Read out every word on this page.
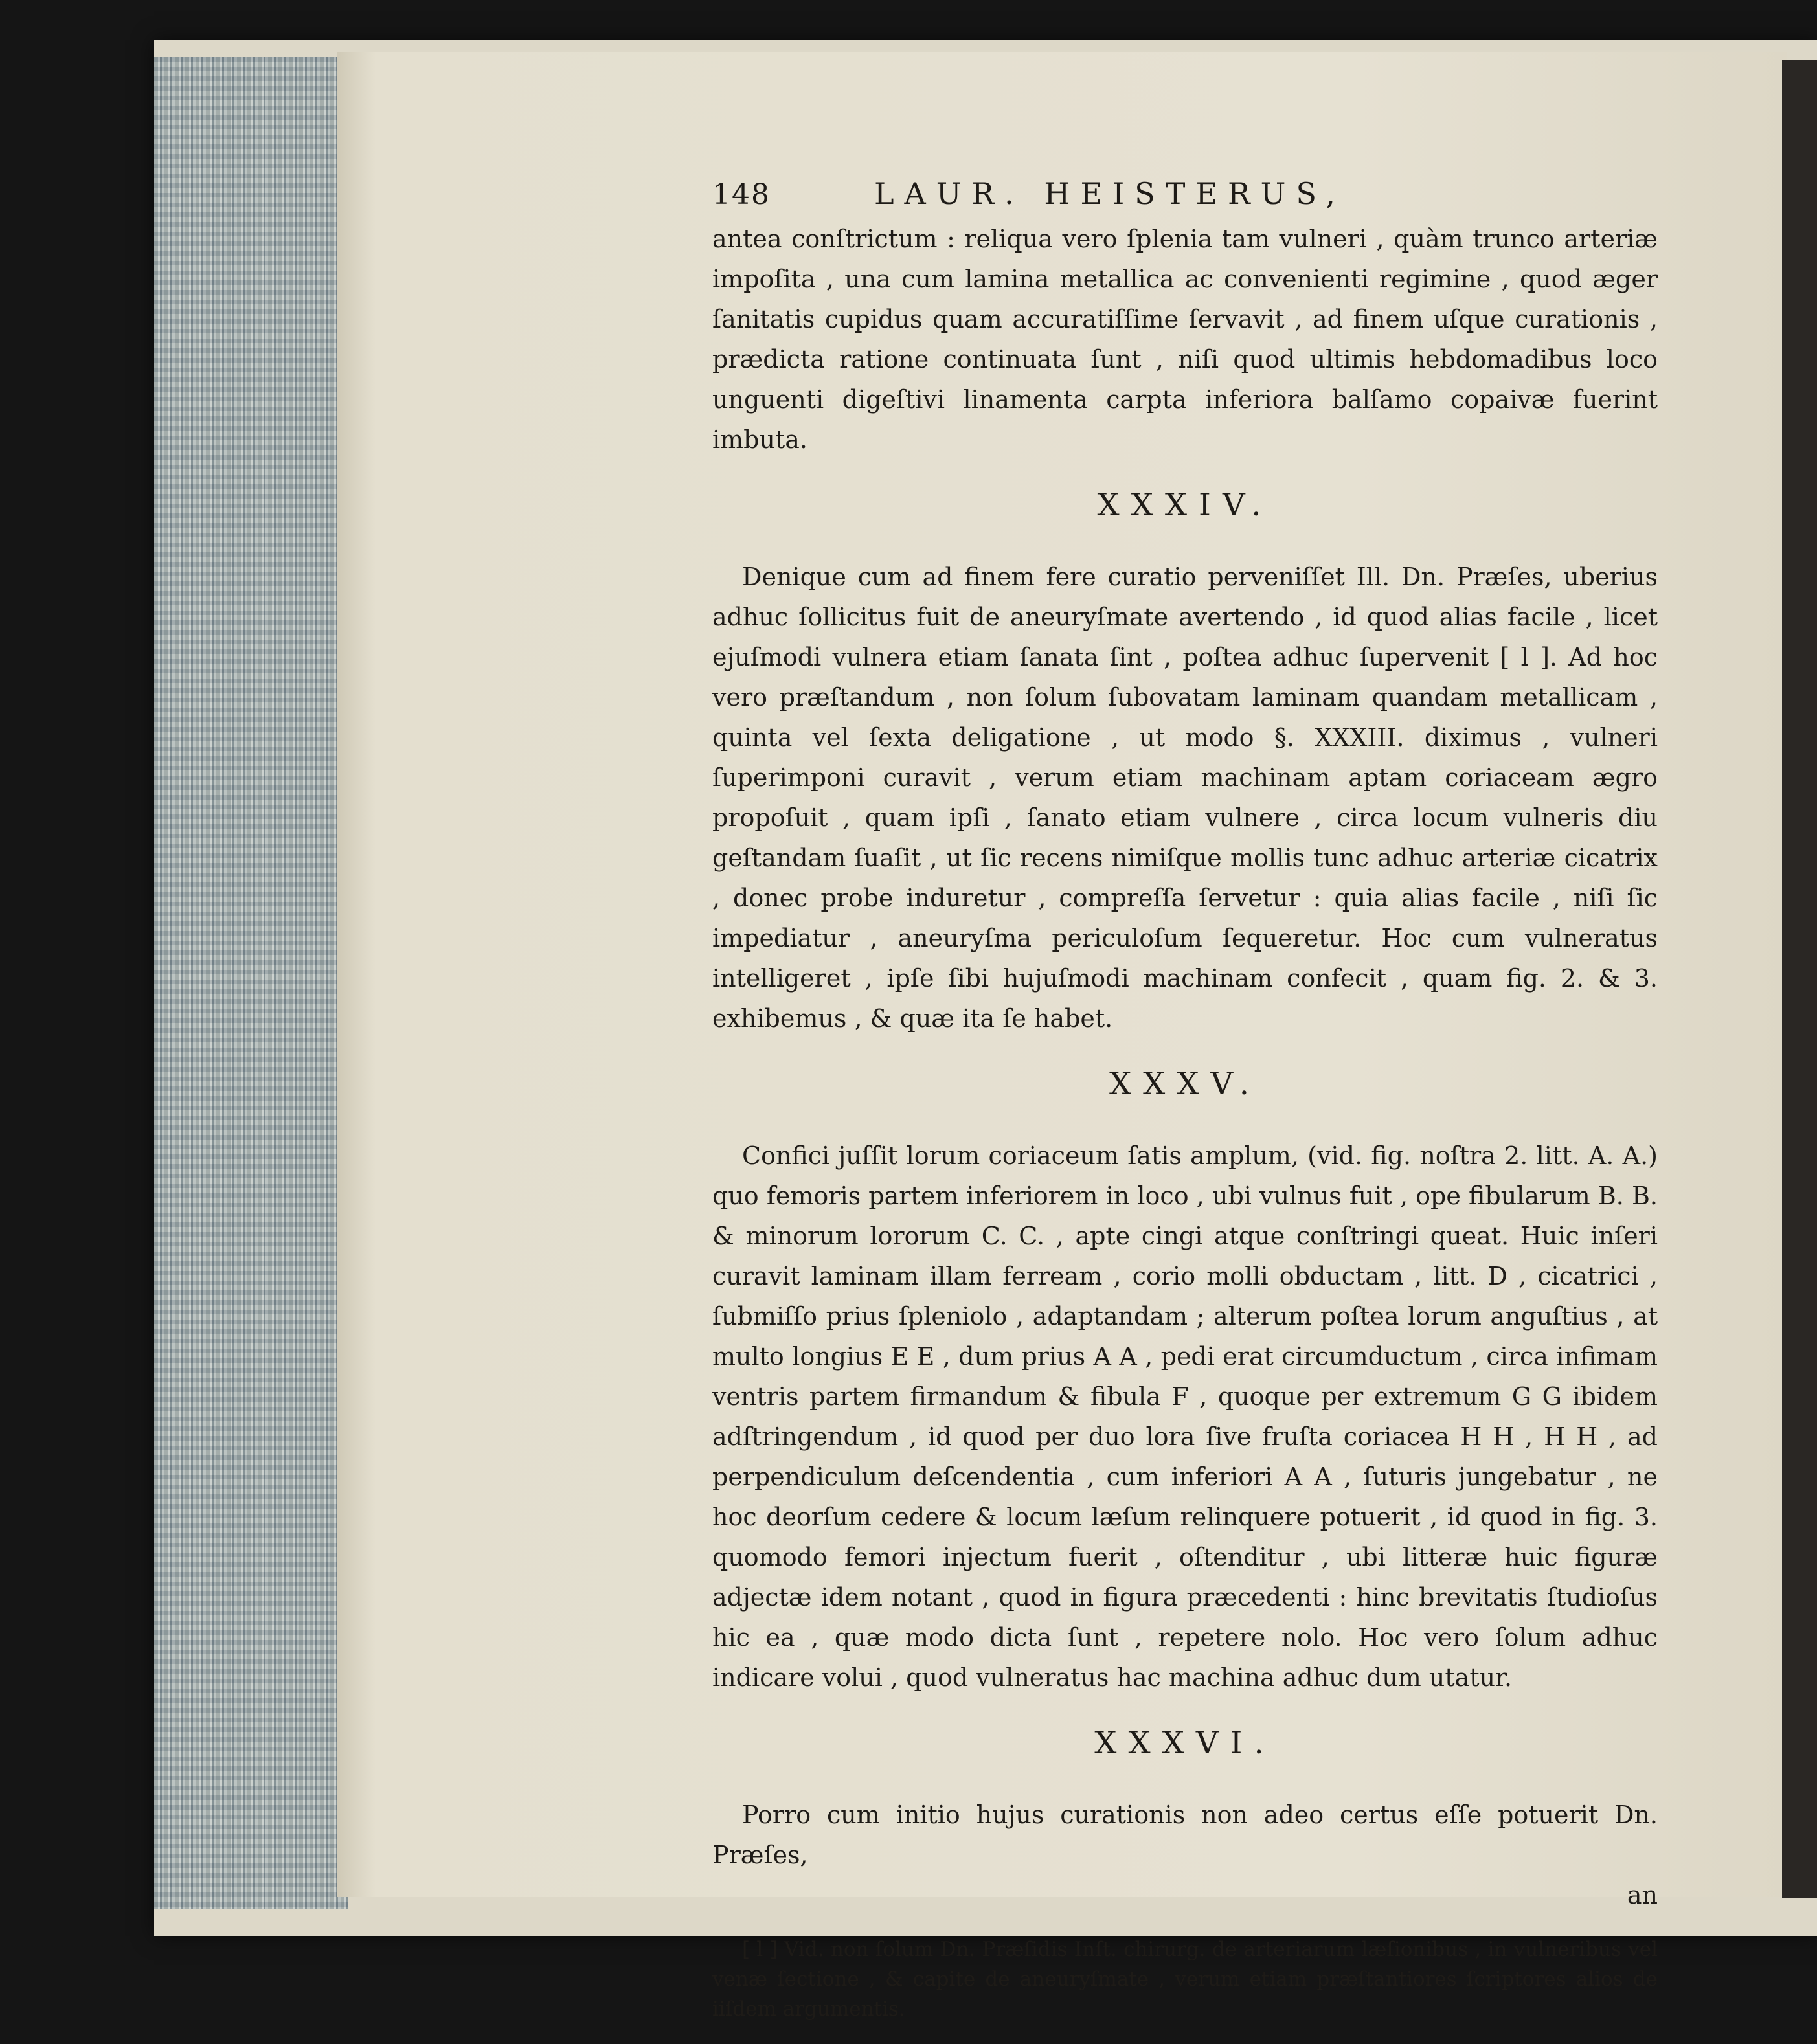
148	LAUR. HEISTERUS,

antea conſtrictum : reliqua vero ſplenia tam vulneri , quàm trunco arteriæ impoſita , una cum lamina metallica ac convenienti regimine , quod æger ſanitatis cupidus quam accuratiſſime ſervavit , ad finem uſque curationis , prædicta ratione continuata ſunt , niſi quod ultimis hebdomadibus loco unguenti digeſtivi linamenta carpta inferiora balſamo copaivæ fuerint imbuta.

XXXIV.

Denique cum ad finem fere curatio perveniſſet Ill. Dn. Præſes, uberius adhuc ſollicitus fuit de aneuryſmate avertendo , id quod alias facile , licet ejuſmodi vulnera etiam ſanata ſint , poſtea adhuc ſupervenit [ l ]. Ad hoc vero præſtandum , non ſolum ſubovatam laminam quandam metallicam , quinta vel ſexta deligatione , ut modo §. XXXIII. diximus , vulneri ſuperimponi curavit , verum etiam machinam aptam coriaceam ægro propoſuit , quam ipſi , ſanato etiam vulnere , circa locum vulneris diu geſtandam ſuaſit , ut ſic recens nimiſque mollis tunc adhuc arteriæ cicatrix , donec probe induretur , compreſſa ſervetur : quia alias facile , niſi ſic impediatur , aneuryſma periculoſum ſequeretur. Hoc cum vulneratus intelligeret , ipſe ſibi hujuſmodi machinam confecit , quam fig. 2. & 3. exhibemus , & quæ ita ſe habet.

XXXV.

Confici juſſit lorum coriaceum ſatis amplum, (vid. fig. noſtra 2. litt. A. A.) quo femoris partem inferiorem in loco , ubi vulnus fuit , ope fibularum B. B. & minorum lororum C. C. , apte cingi atque conſtringi queat. Huic inſeri curavit laminam illam ferream , corio molli obductam , litt. D , cicatrici , ſubmiſſo prius ſpleniolo , adaptandam ; alterum poſtea lorum anguſtius , at multo longius E E , dum prius A A , pedi erat circumductum , circa infimam ventris partem firmandum & fibula F , quoque per extremum G G ibidem adſtringendum , id quod per duo lora ſive fruſta coriacea H H , H H , ad perpendiculum deſcendentia , cum inferiori A A , ſuturis jungebatur , ne hoc deorſum cedere & locum læſum relinquere potuerit , id quod in fig. 3. quomodo femori injectum fuerit , oſtenditur , ubi litteræ huic figuræ adjectæ idem notant , quod in figura præcedenti : hinc brevitatis ſtudioſus hic ea , quæ modo dicta ſunt , repetere nolo. Hoc vero ſolum adhuc indicare volui , quod vulneratus hac machina adhuc dum utatur.

XXXVI.

Porro cum initio hujus curationis non adeo certus eſſe potuerit Dn. Præſes,

an

[ l ] Vid. non ſolum Dn. Præſidis Inſt. chirurg. de arteriarum læſionibus , in vulneribus vel venæ ſectione , & capite de aneuryſmate , verum etiam præſtantiores ſcriptores alios de iiſdem argumentis.
